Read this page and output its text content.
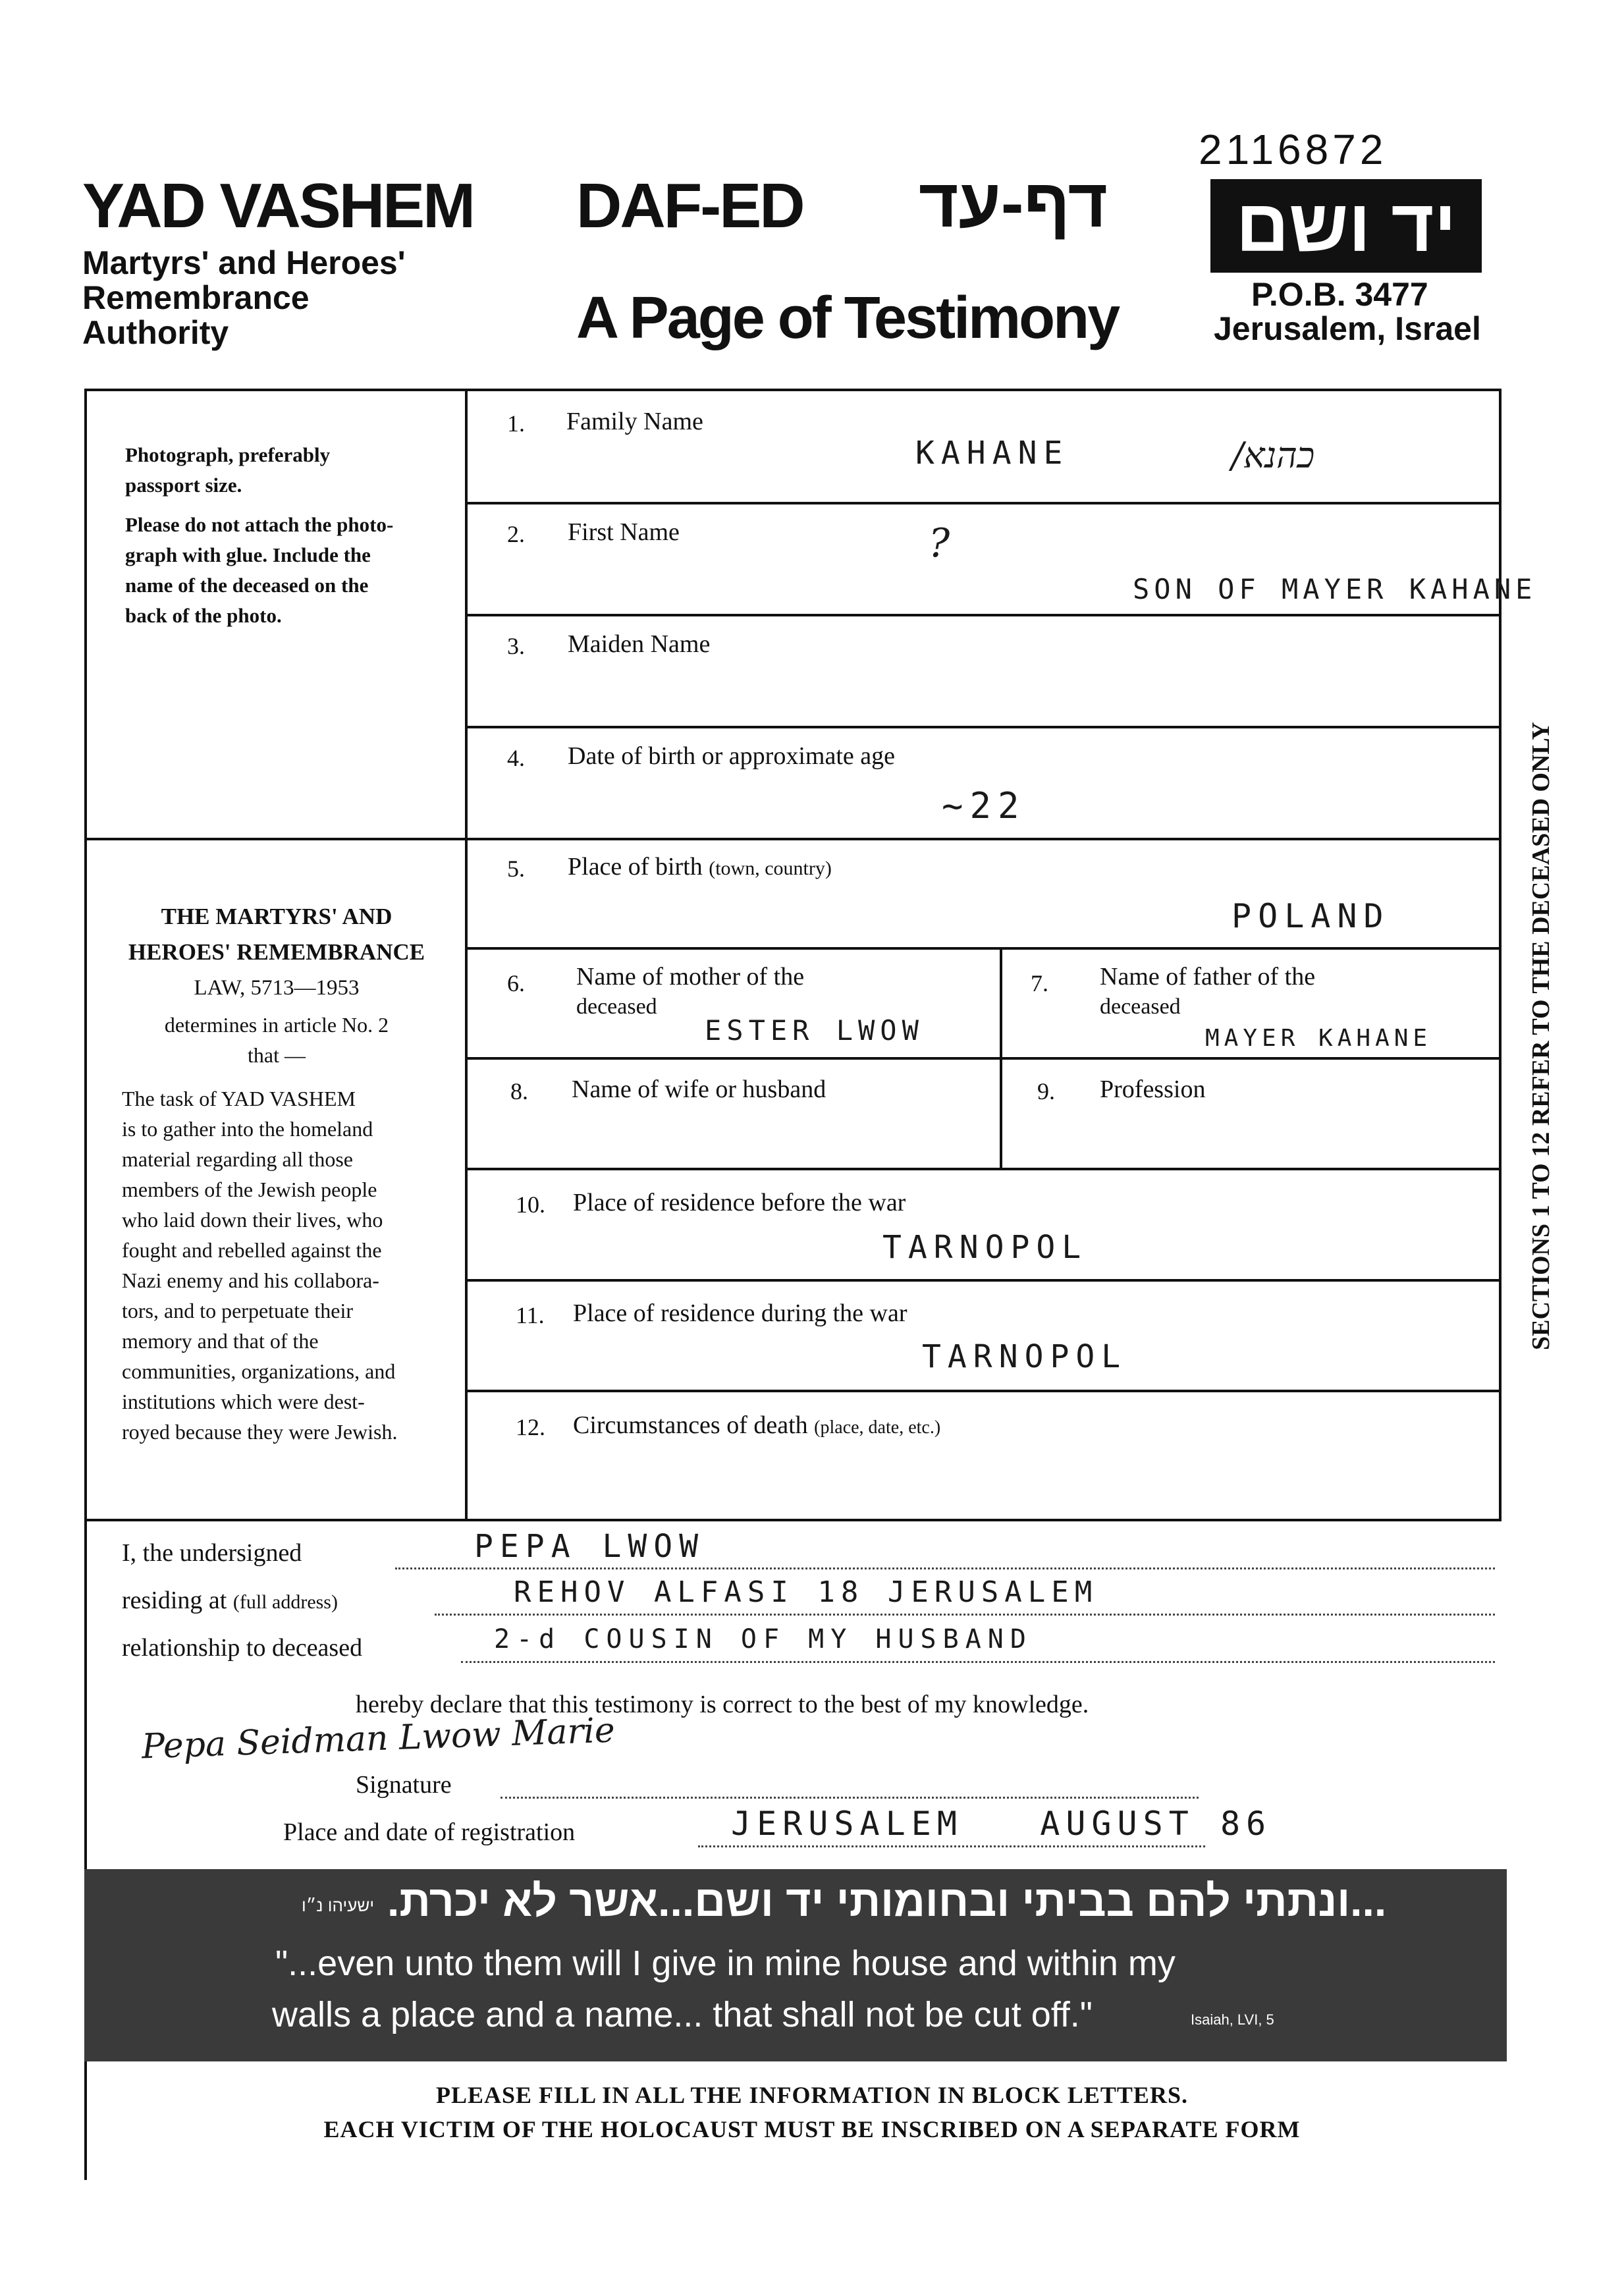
2116872
YAD VASHEM
Martyrs' and Heroes'
Remembrance
Authority
DAF-ED דף-עד
A Page of Testimony
יד ושם
P.O.B. 3477
Jerusalem, Israel
Photograph, preferably
passport size.
Please do not attach the photo-
graph with glue. Include the
name of the deceased on the
back of the photo.
THE MARTYRS' AND
HEROES' REMEMBRANCE
LAW, 5713—1953
determines in article No. 2
that —
The task of YAD VASHEM
is to gather into the homeland
material regarding all those
members of the Jewish people
who laid down their lives, who
fought and rebelled against the
Nazi enemy and his collabora-
tors, and to perpetuate their
memory and that of the
communities, organizations, and
institutions which were dest-
royed because they were Jewish.
SECTIONS 1 TO 12 REFER TO THE DECEASED ONLY
1. Family Name
KAHANE	כהנא/
2. First Name	?
SON OF MAYER KAHANE
3. Maiden Name
4. Date of birth or approximate age
~22
5. Place of birth (town, country)
POLAND
6. Name of mother of the
deceased
ESTER LWOW
7. Name of father of the
deceased
MAYER KAHANE
8. Name of wife or husband	9. Profession
10. Place of residence before the war
TARNOPOL
11. Place of residence during the war
TARNOPOL
12. Circumstances of death (place, date, etc.)
I, the undersigned	PEPA LWOW
residing at (full address)	REHOV ALFASI 18 JERUSALEM
relationship to deceased	2-d COUSIN OF MY HUSBAND
hereby declare that this testimony is correct to the best of my knowledge.
Pepa Seidman Lwow Marie
Signature
Place and date of registration	JERUSALEM   AUGUST 86
ישעיהו נ״ו ...ונתתי להם בביתי ובחומותי יד ושם...אשר לא יכרת.
"...even unto them will I give in mine house and within my
walls a place and a name... that shall not be cut off."	Isaiah, LVI, 5
PLEASE FILL IN ALL THE INFORMATION IN BLOCK LETTERS.
EACH VICTIM OF THE HOLOCAUST MUST BE INSCRIBED ON A SEPARATE FORM
